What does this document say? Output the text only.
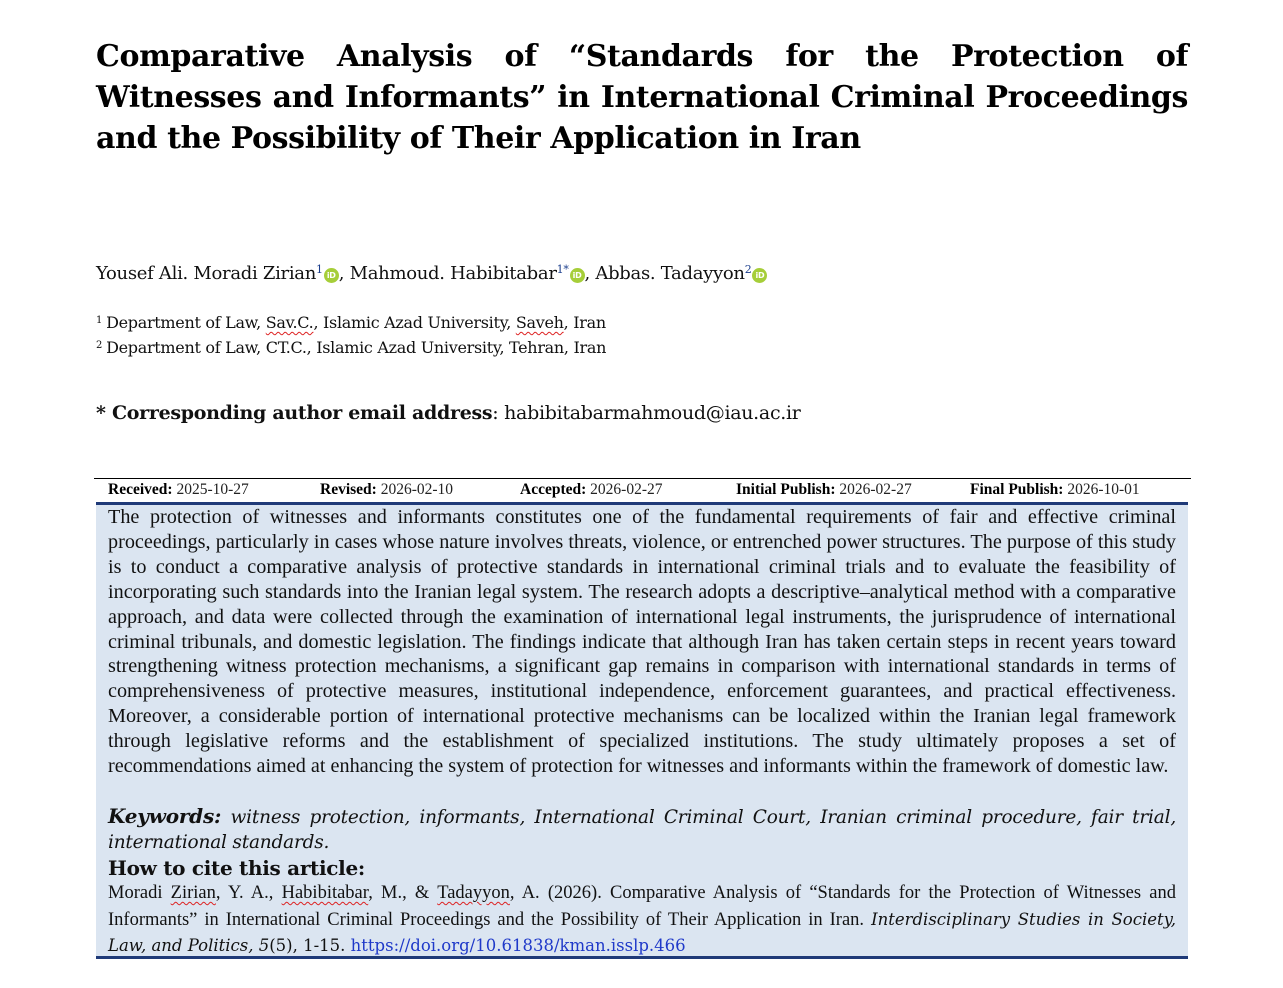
Comparative Analysis of “Standards for the Protection of Witnesses and Informants” in International Criminal Proceedings and the Possibility of Their Application in Iran
Yousef Ali. Moradi Zirian$^1$ iD , Mahmoud. Habibitabar$^{1*}$ iD , Abbas. Tadayyon$^2$ iD
$^1$ Department of Law, Sav.C., Islamic Azad University, Saveh, Iran
$^2$ Department of Law, CT.C., Islamic Azad University, Tehran, Iran
* Corresponding author email address: habibitabarmahmoud@iau.ac.ir
Received: 2025-10-27	Revised: 2026-02-10	Accepted: 2026-02-27	Initial Publish: 2026-02-27	Final Publish: 2026-10-01
The protection of witnesses and informants constitutes one of the fundamental requirements of fair and effective criminal proceedings, particularly in cases whose nature involves threats, violence, or entrenched power structures. The purpose of this study is to conduct a comparative analysis of protective standards in international criminal trials and to evaluate the feasibility of incorporating such standards into the Iranian legal system. The research adopts a descriptive–analytical method with a comparative approach, and data were collected through the examination of international legal instruments, the jurisprudence of international criminal tribunals, and domestic legislation. The findings indicate that although Iran has taken certain steps in recent years toward strengthening witness protection mechanisms, a significant gap remains in comparison with international standards in terms of comprehensiveness of protective measures, institutional independence, enforcement guarantees, and practical effectiveness. Moreover, a considerable portion of international protective mechanisms can be localized within the Iranian legal framework through legislative reforms and the establishment of specialized institutions. The study ultimately proposes a set of recommendations aimed at enhancing the system of protection for witnesses and informants within the framework of domestic law.
Keywords: witness protection, informants, International Criminal Court, Iranian criminal procedure, fair trial, international standards.
How to cite this article:
Moradi Zirian, Y. A., Habibitabar, M., & Tadayyon, A. (2026). Comparative Analysis of “Standards for the Protection of Witnesses and Informants” in International Criminal Proceedings and the Possibility of Their Application in Iran. Interdisciplinary Studies in Society, Law, and Politics, 5(5), 1-15. https://doi.org/10.61838/kman.isslp.466
